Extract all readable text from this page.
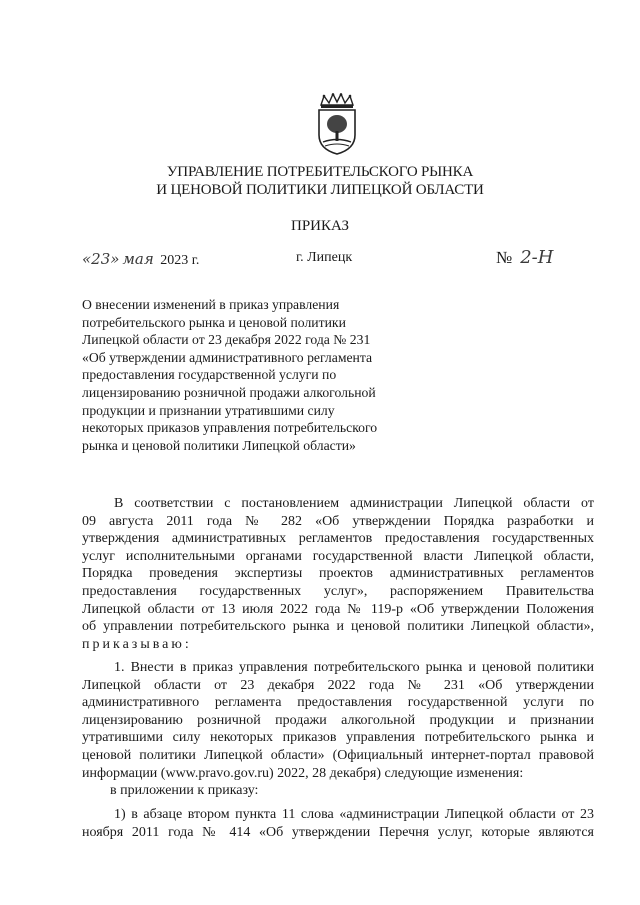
УПРАВЛЕНИЕ ПОТРЕБИТЕЛЬСКОГО РЫНКА
И ЦЕНОВОЙ ПОЛИТИКИ ЛИПЕЦКОЙ ОБЛАСТИ
ПРИКАЗ
«23» мая 2023 г.	г. Липецк	№ 2-Н
О внесении изменений в приказ управления
потребительского рынка и ценовой политики
Липецкой области от 23 декабря 2022 года № 231
«Об утверждении административного регламента
предоставления государственной услуги по
лицензированию розничной продажи алкогольной
продукции и признании утратившими силу
некоторых приказов управления потребительского
рынка и ценовой политики Липецкой области»
В соответствии с постановлением администрации Липецкой области от
09 августа 2011 года № 282 «Об утверждении Порядка разработки и
утверждения административных регламентов предоставления государственных
услуг исполнительными органами государственной власти Липецкой области,
Порядка проведения экспертизы проектов административных регламентов
предоставления государственных услуг», распоряжением Правительства
Липецкой области от 13 июля 2022 года № 119-р «Об утверждении Положения
об управлении потребительского рынка и ценовой политики Липецкой области»,
приказываю:
1. Внести в приказ управления потребительского рынка и ценовой политики
Липецкой области от 23 декабря 2022 года № 231 «Об утверждении
административного регламента предоставления государственной услуги по
лицензированию розничной продажи алкогольной продукции и признании
утратившими силу некоторых приказов управления потребительского рынка и
ценовой политики Липецкой области» (Официальный интернет-портал правовой
информации (www.pravo.gov.ru) 2022, 28 декабря) следующие изменения:
в приложении к приказу:
1) в абзаце втором пункта 11 слова «администрации Липецкой области от 23
ноября 2011 года № 414 «Об утверждении Перечня услуг, которые являются
